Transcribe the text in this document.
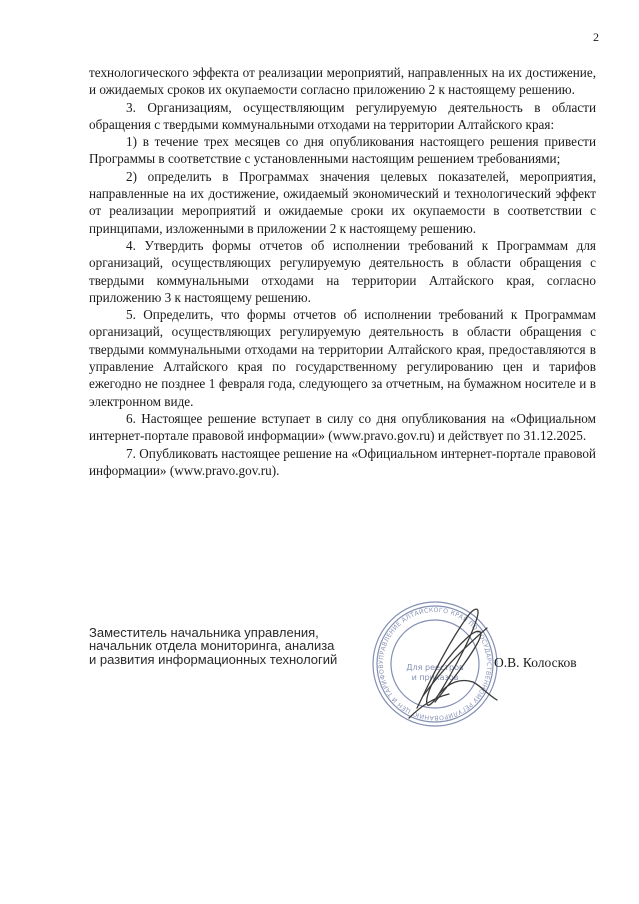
2

технологического эффекта от реализации мероприятий, направленных на их достижение, и ожидаемых сроков их окупаемости согласно приложению 2 к настоящему решению.

3. Организациям, осуществляющим регулируемую деятельность в области обращения с твердыми коммунальными отходами на территории Алтайского края:

1) в течение трех месяцев со дня опубликования настоящего решения привести Программы в соответствие с установленными настоящим решением требованиями;

2) определить в Программах значения целевых показателей, мероприятия, направленные на их достижение, ожидаемый экономический и технологический эффект от реализации мероприятий и ожидаемые сроки их окупаемости в соответствии с принципами, изложенными в приложении 2 к настоящему решению.

4. Утвердить формы отчетов об исполнении требований к Программам для организаций, осуществляющих регулируемую деятельность в области обращения с твердыми коммунальными отходами на территории Алтайского края, согласно приложению 3 к настоящему решению.

5. Определить, что формы отчетов об исполнении требований к Программам организаций, осуществляющих регулируемую деятельность в области обращения с твердыми коммунальными отходами на территории Алтайского края, предоставляются в управление Алтайского края по государственному регулированию цен и тарифов ежегодно не позднее 1 февраля года, следующего за отчетным, на бумажном носителе и в электронном виде.

6. Настоящее решение вступает в силу со дня опубликования на «Официальном интернет-портале правовой информации» (www.pravo.gov.ru) и действует по 31.12.2025.

7. Опубликовать настоящее решение на «Официальном интернет-портале правовой информации» (www.pravo.gov.ru).

Заместитель начальника управления,
начальник отдела мониторинга, анализа
и развития информационных технологий	УПРАВЛЕНИЕ АЛТАЙСКОГО КРАЯ ПО ГОСУДАРСТВЕННОМУ РЕГУЛИРОВАНИЮ ЦЕН И ТАРИФОВ	Для реестров
и приказов
О.В. Колосков
